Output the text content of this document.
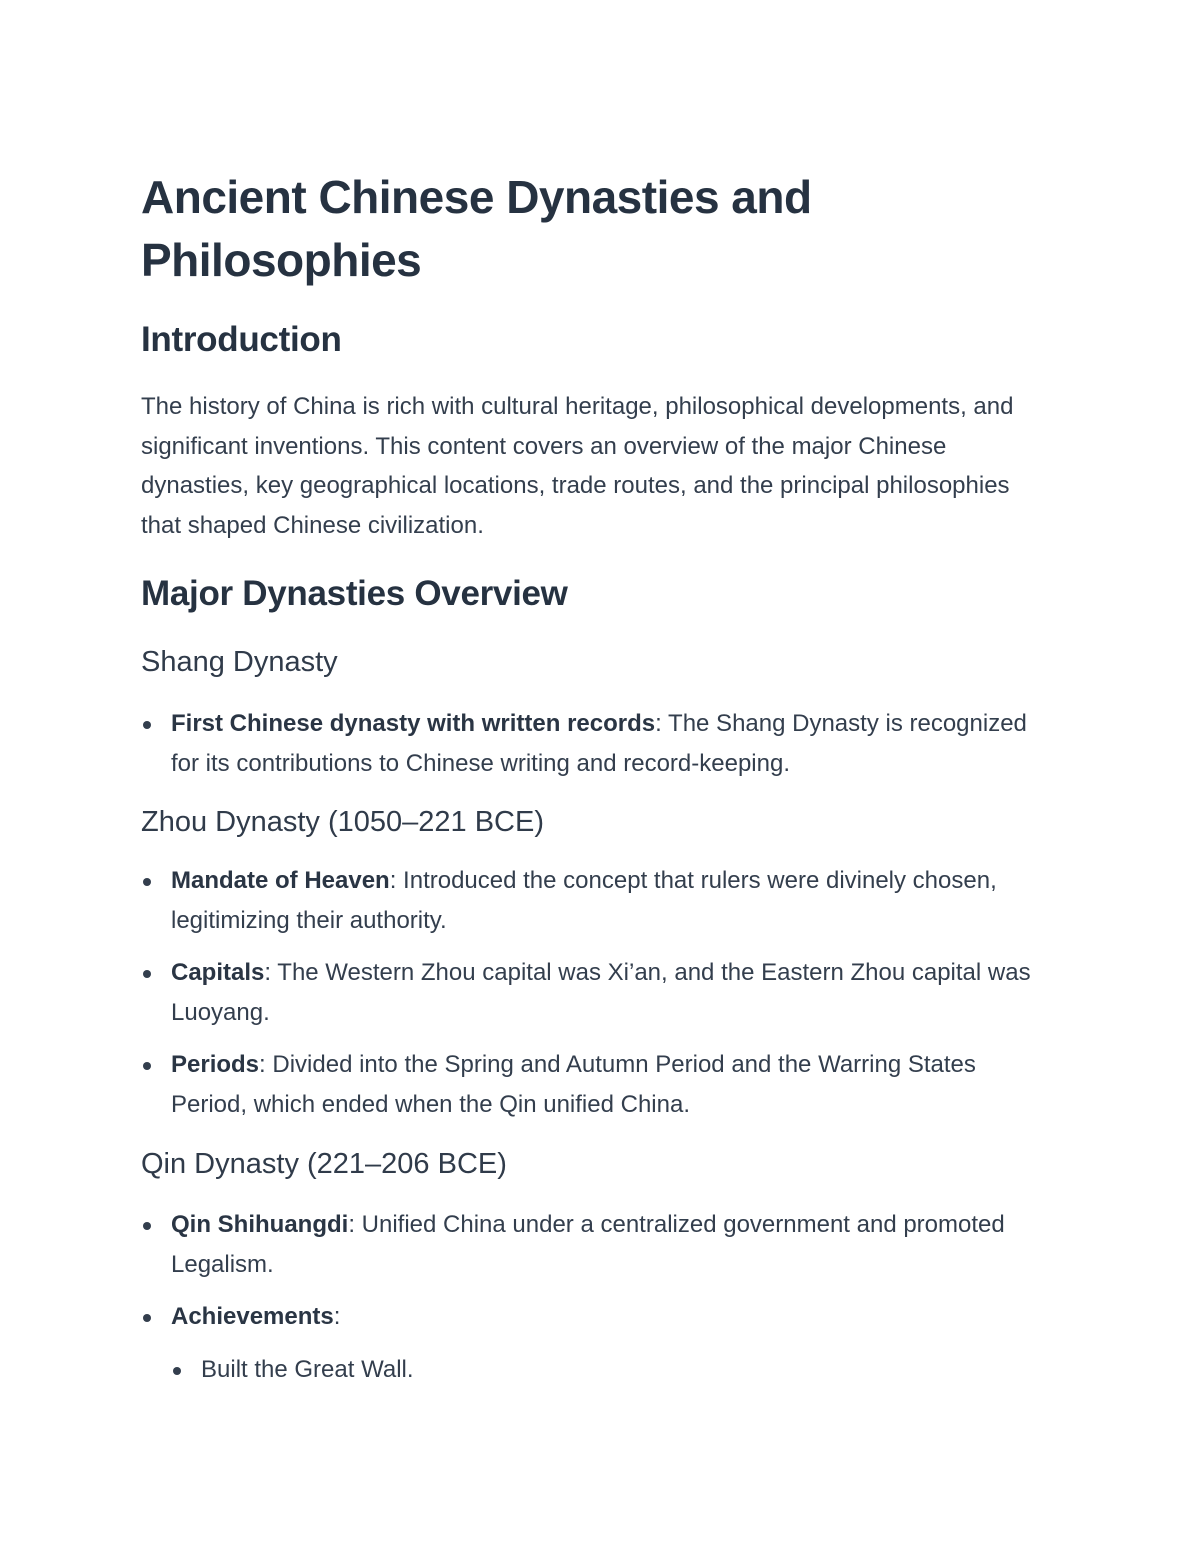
Ancient Chinese Dynasties and Philosophies
Introduction

The history of China is rich with cultural heritage, philosophical developments, and significant inventions. This content covers an overview of the major Chinese dynasties, key geographical locations, trade routes, and the principal philosophies that shaped Chinese civilization.

Major Dynasties Overview
Shang Dynasty
First Chinese dynasty with written records: The Shang Dynasty is recognized for its contributions to Chinese writing and record-keeping.
Zhou Dynasty (1050–221 BCE)
Mandate of Heaven: Introduced the concept that rulers were divinely chosen, legitimizing their authority.
Capitals: The Western Zhou capital was Xi’an, and the Eastern Zhou capital was Luoyang.
Periods: Divided into the Spring and Autumn Period and the Warring States Period, which ended when the Qin unified China.
Qin Dynasty (221–206 BCE)
Qin Shihuangdi: Unified China under a centralized government and promoted Legalism.
Achievements:
Built the Great Wall.
